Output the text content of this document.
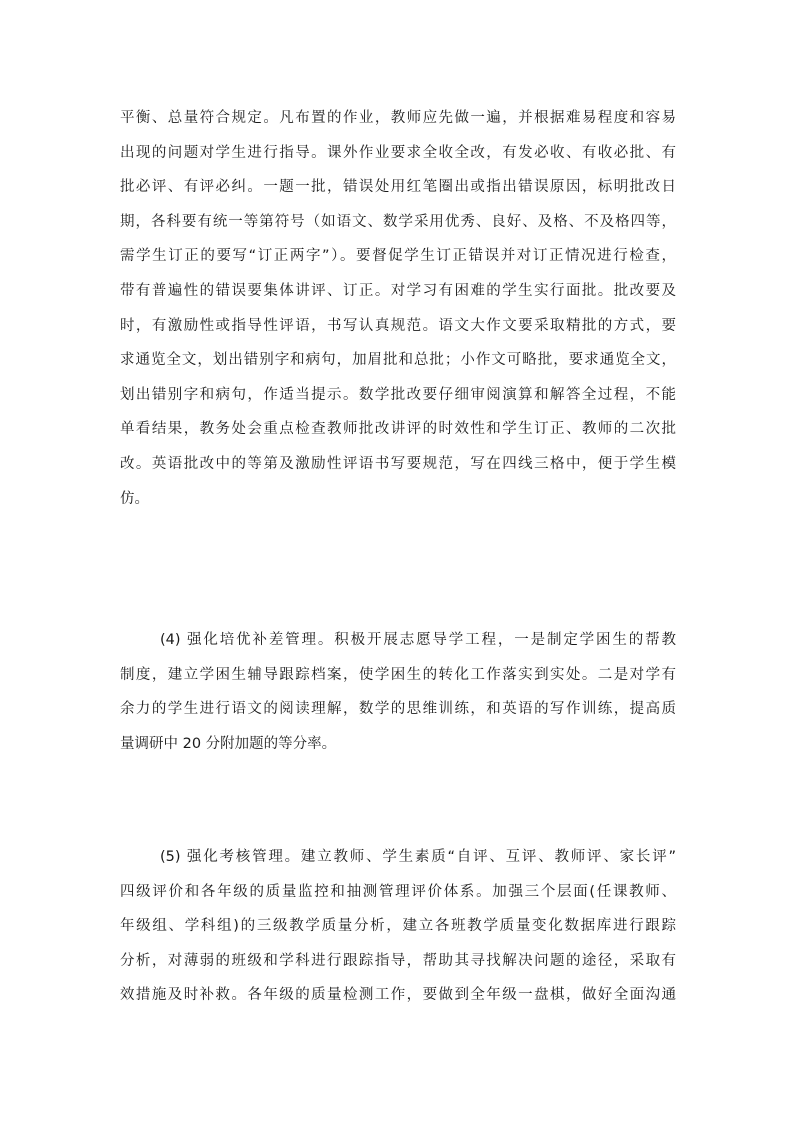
平衡、总量符合规定。凡布置的作业，教师应先做一遍，并根据难易程度和容易
出现的问题对学生进行指导。课外作业要求全收全改，有发必收、有收必批、有
批必评、有评必纠。一题一批，错误处用红笔圈出或指出错误原因，标明批改日
期，各科要有统一等第符号（如语文、数学采用优秀、良好、及格、不及格四等，
需学生订正的要写“订正两字”）。要督促学生订正错误并对订正情况进行检查，
带有普遍性的错误要集体讲评、订正。对学习有困难的学生实行面批。批改要及
时，有激励性或指导性评语，书写认真规范。语文大作文要采取精批的方式，要
求通览全文，划出错别字和病句，加眉批和总批；小作文可略批，要求通览全文，
划出错别字和病句，作适当提示。数学批改要仔细审阅演算和解答全过程，不能
单看结果，教务处会重点检查教师批改讲评的时效性和学生订正、教师的二次批
改。英语批改中的等第及激励性评语书写要规范，写在四线三格中，便于学生模
仿。

(4) 强化培优补差管理。积极开展志愿导学工程，一是制定学困生的帮教
制度，建立学困生辅导跟踪档案，使学困生的转化工作落实到实处。二是对学有
余力的学生进行语文的阅读理解，数学的思维训练，和英语的写作训练，提高质
量调研中 20 分附加题的等分率。

(5) 强化考核管理。建立教师、学生素质“自评、互评、教师评、家长评”
四级评价和各年级的质量监控和抽测管理评价体系。加强三个层面(任课教师、
年级组、学科组)的三级教学质量分析，建立各班教学质量变化数据库进行跟踪
分析，对薄弱的班级和学科进行跟踪指导，帮助其寻找解决问题的途径，采取有
效措施及时补救。各年级的质量检测工作，要做到全年级一盘棋，做好全面沟通
